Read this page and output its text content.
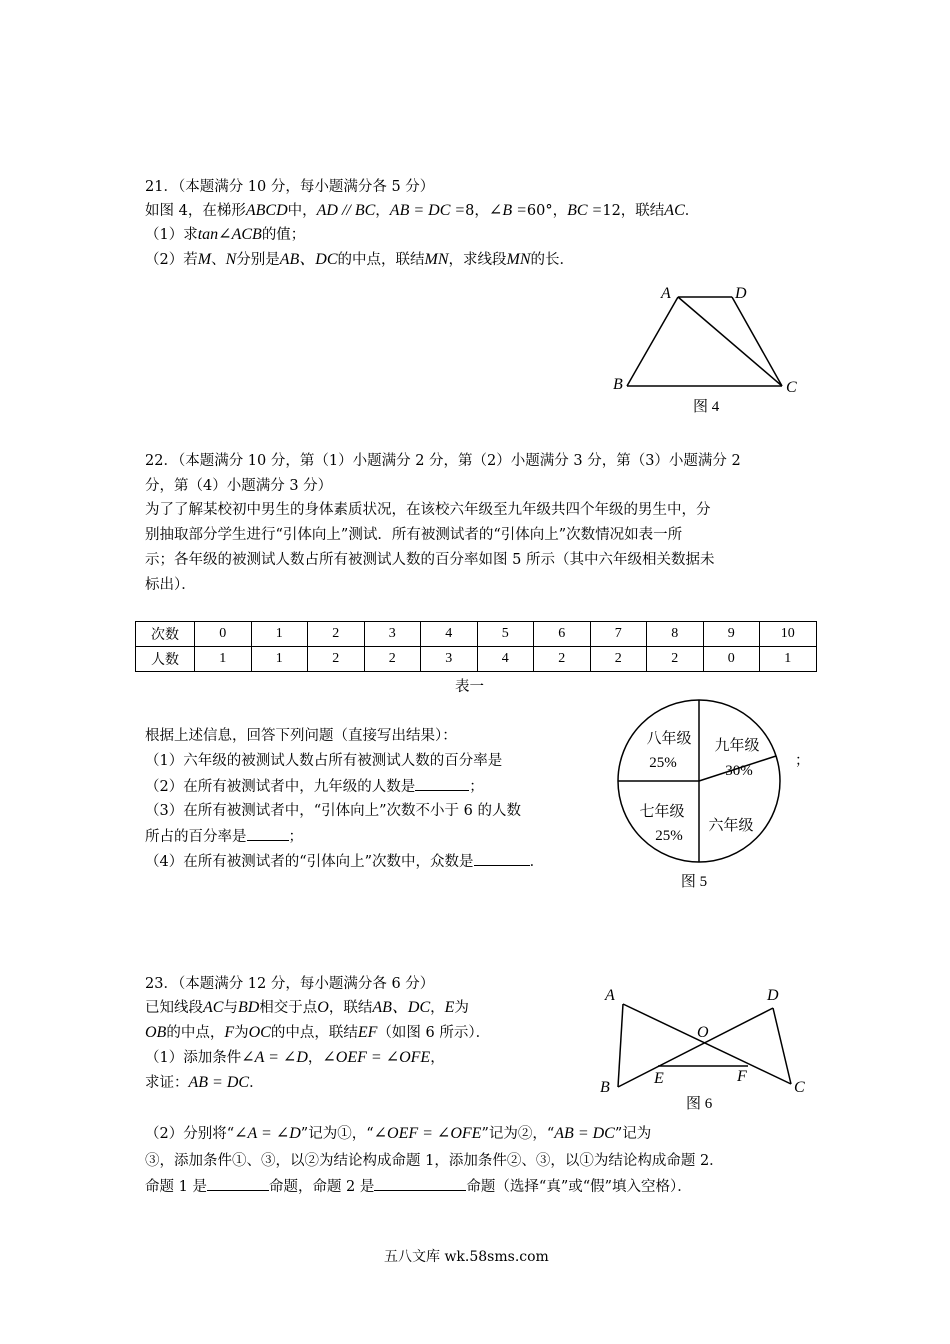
21．（本题满分 10 分，每小题满分各 5 分）
如图 4，在梯形ABCD中，AD // BC，AB = DC =8，∠B =60°，BC =12，联结AC．
（1）求tan∠ACB的值；
（2）若M、N分别是AB、DC的中点，联结MN，求线段MN的长．
A	D
B	C
图 4
22．（本题满分 10 分，第（1）小题满分 2 分，第（2）小题满分 3 分，第（3）小题满分 2
分，第（4）小题满分 3 分）
为了了解某校初中男生的身体素质状况，在该校六年级至九年级共四个年级的男生中，分
别抽取部分学生进行“引体向上”测试．所有被测试者的“引体向上”次数情况如表一所
示；各年级的被测试人数占所有被测试人数的百分率如图 5 所示（其中六年级相关数据未
标出）．
次数	0	1	2	3	4	5	6	7	8	9	10
人数	1	1	2	2	3	4	2	2	2	0	1
表一
根据上述信息，回答下列问题（直接写出结果）：
（1）六年级的被测试人数占所有被测试人数的百分率是	；
（2）在所有被测试者中，九年级的人数是	；
（3）在所有被测试者中，“引体向上”次数不小于 6 的人数
所占的百分率是	；
（4）在所有被测试者的“引体向上”次数中，众数是	．
八年级
25%
九年级
30%
七年级
25%
六年级
图 5
23．（本题满分 12 分，每小题满分各 6 分）
已知线段AC与BD相交于点O，联结AB、DC，E为
OB的中点，F为OC的中点，联结EF（如图 6 所示）．
（1）添加条件∠A = ∠D，∠OEF = ∠OFE，
求证：AB = DC．
A	D
O
B
E	F
C
图 6
（2）分别将“∠A = ∠D”记为①，“∠OEF = ∠OFE”记为②，“AB = DC”记为
③，添加条件①、③，以②为结论构成命题 1，添加条件②、③，以①为结论构成命题 2．
命题 1 是	命题，命题 2 是	命题（选择“真”或“假”填入空格）．
五八文库 wk.58sms.com
